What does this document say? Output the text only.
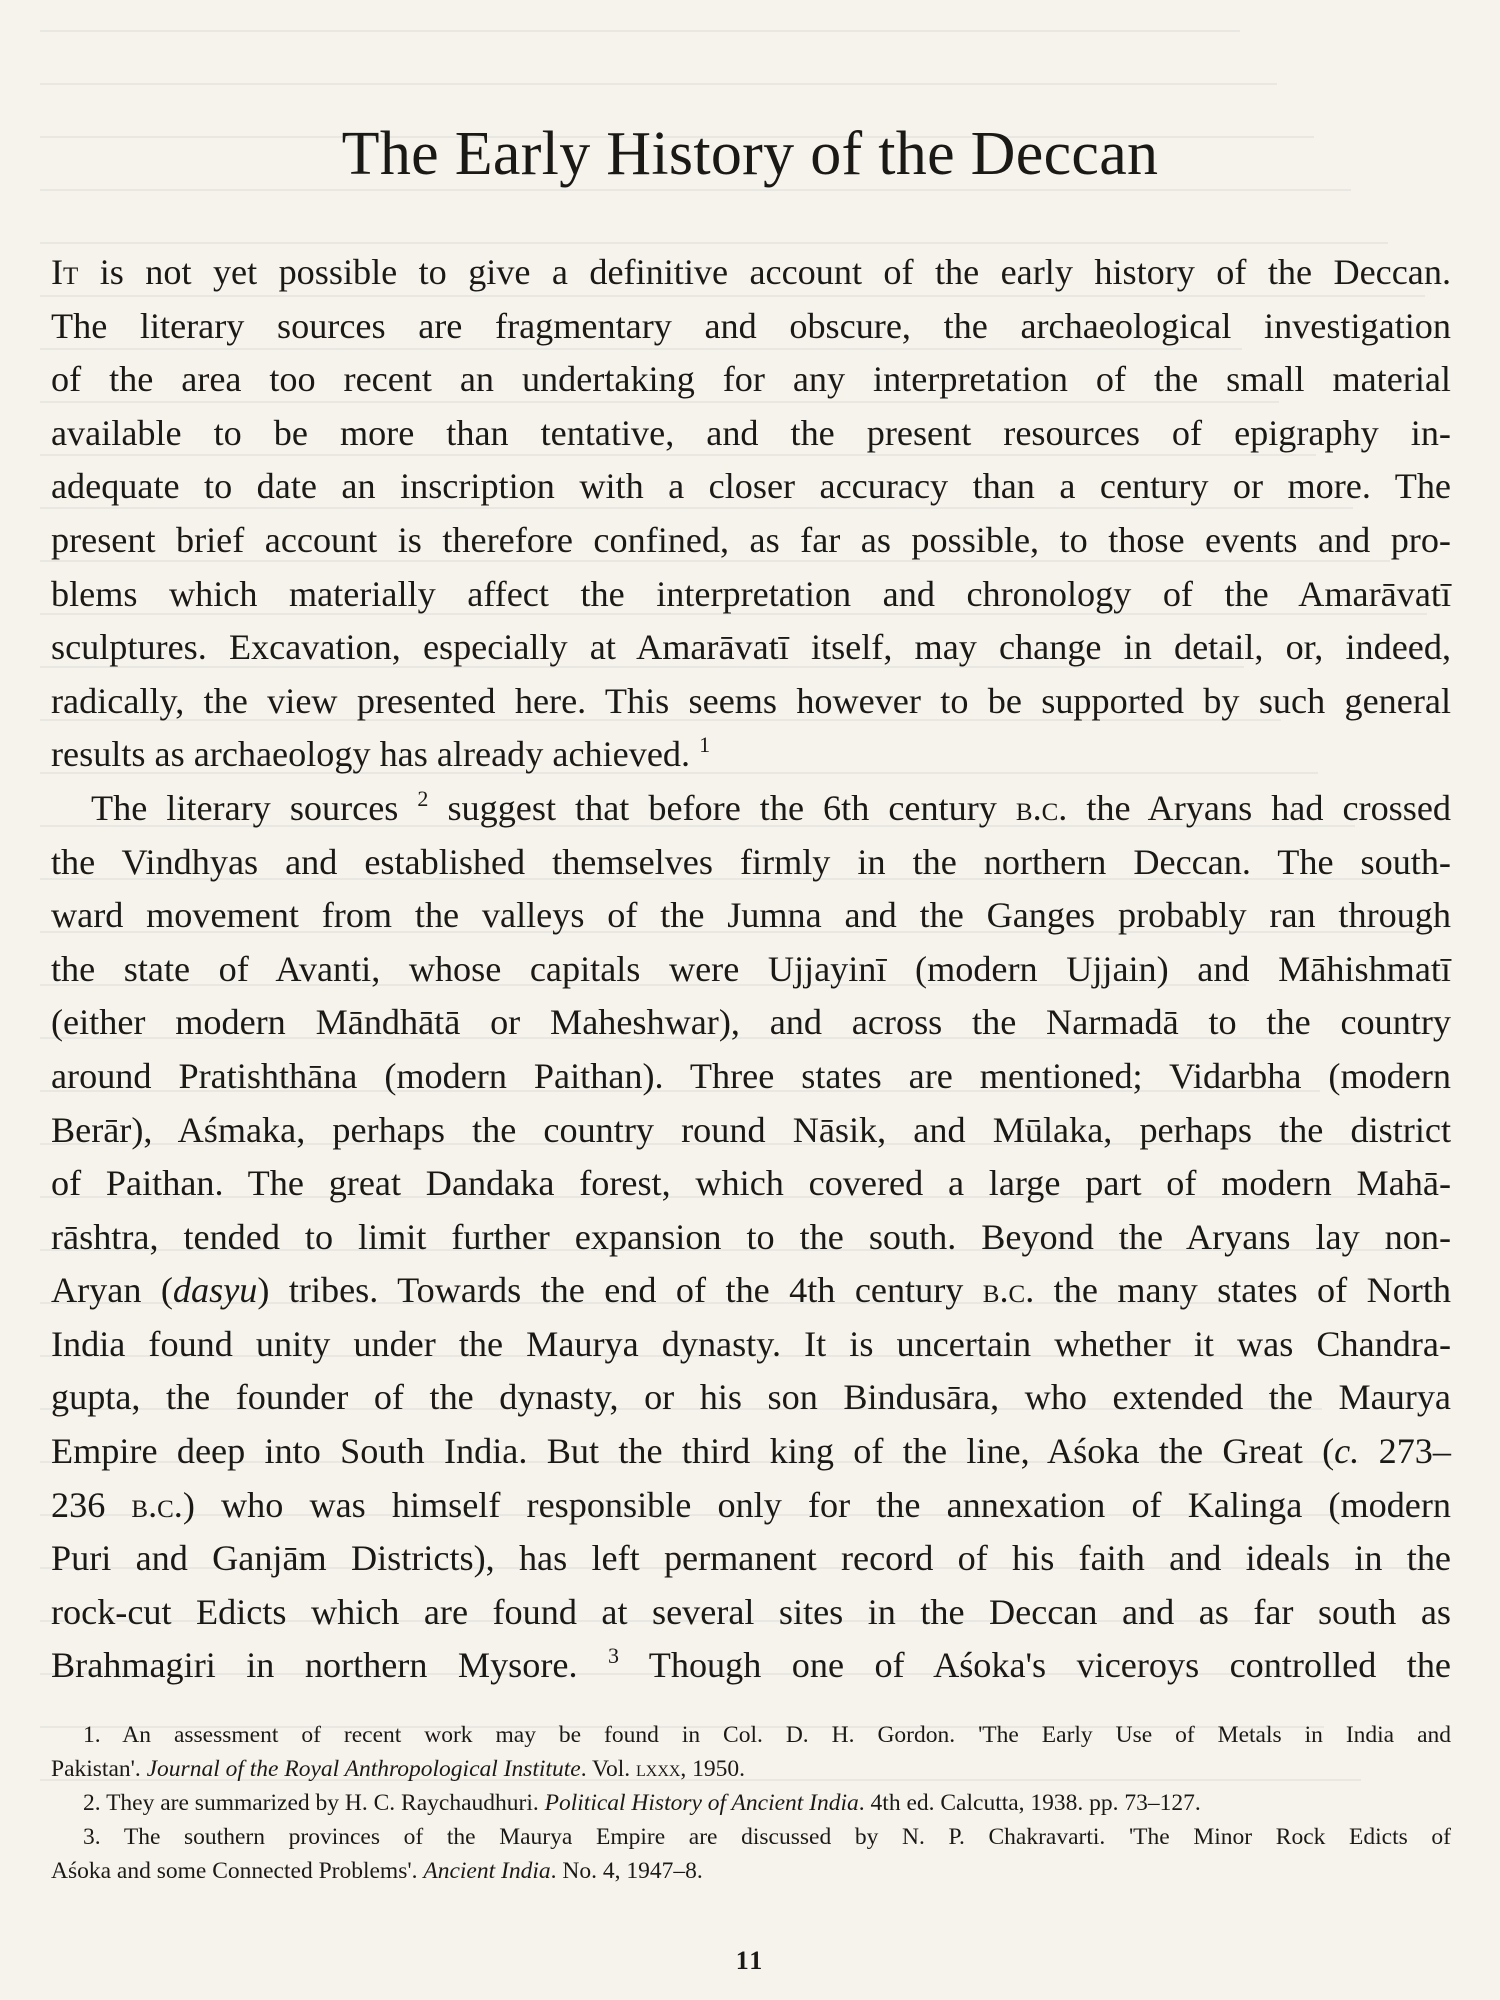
The Early History of the Deccan

It is not yet possible to give a definitive account of the early history of the Deccan.
The literary sources are fragmentary and obscure, the archaeological investigation
of the area too recent an undertaking for any interpretation of the small material
available to be more than tentative, and the present resources of epigraphy in-
adequate to date an inscription with a closer accuracy than a century or more. The
present brief account is therefore confined, as far as possible, to those events and pro-
blems which materially affect the interpretation and chronology of the Amarāvatī
sculptures. Excavation, especially at Amarāvatī itself, may change in detail, or, indeed,
radically, the view presented here. This seems however to be supported by such general
results as archaeology has already achieved. $^1$

The literary sources $^2$ suggest that before the 6th century b.c. the Aryans had crossed
the Vindhyas and established themselves firmly in the northern Deccan. The south-
ward movement from the valleys of the Jumna and the Ganges probably ran through
the state of Avanti, whose capitals were Ujjayinī (modern Ujjain) and Māhishmatī
(either modern Māndhātā or Maheshwar), and across the Narmadā to the country
around Pratishthāna (modern Paithan). Three states are mentioned; Vidarbha (modern
Berār), Aśmaka, perhaps the country round Nāsik, and Mūlaka, perhaps the district
of Paithan. The great Dandaka forest, which covered a large part of modern Mahā-
rāshtra, tended to limit further expansion to the south. Beyond the Aryans lay non-
Aryan (dasyu) tribes. Towards the end of the 4th century b.c. the many states of North
India found unity under the Maurya dynasty. It is uncertain whether it was Chandra-
gupta, the founder of the dynasty, or his son Bindusāra, who extended the Maurya
Empire deep into South India. But the third king of the line, Aśoka the Great (c. 273–
236 b.c.) who was himself responsible only for the annexation of Kalinga (modern
Puri and Ganjām Districts), has left permanent record of his faith and ideals in the
rock-cut Edicts which are found at several sites in the Deccan and as far south as
Brahmagiri in northern Mysore. $^3$ Though one of Aśoka's viceroys controlled the

1. An assessment of recent work may be found in Col. D. H. Gordon. 'The Early Use of Metals in India and
Pakistan'. Journal of the Royal Anthropological Institute. Vol. lxxx, 1950.
2. They are summarized by H. C. Raychaudhuri. Political History of Ancient India. 4th ed. Calcutta, 1938. pp. 73–127.
3. The southern provinces of the Maurya Empire are discussed by N. P. Chakravarti. 'The Minor Rock Edicts of
Aśoka and some Connected Problems'. Ancient India. No. 4, 1947–8.
11
